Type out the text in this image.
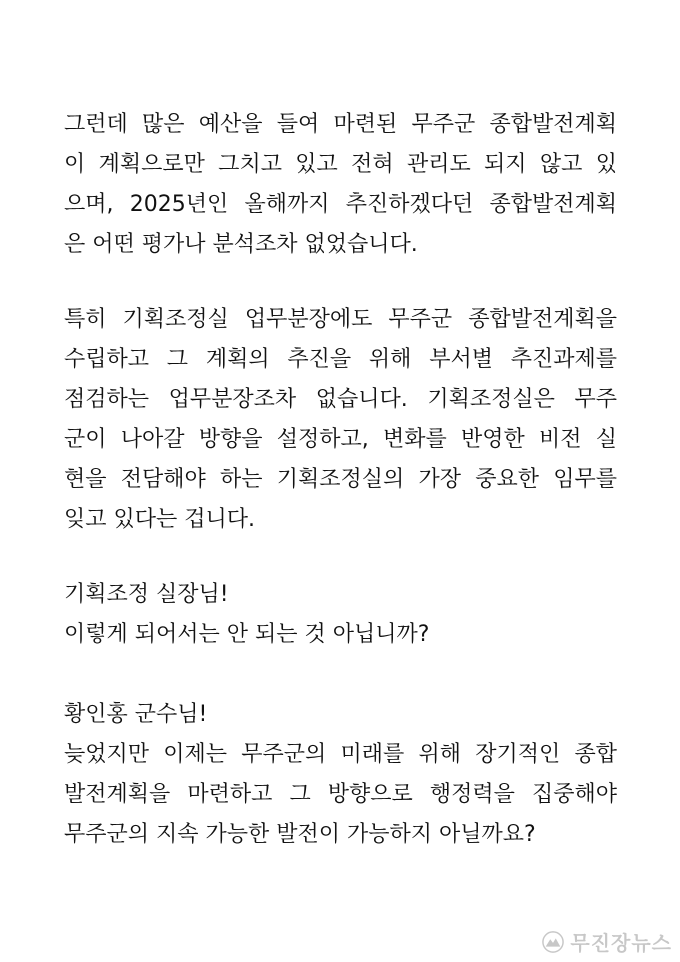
그런데 많은 예산을 들여 마련된 무주군 종합발전계획
이 계획으로만 그치고 있고 전혀 관리도 되지 않고 있
으며, 2025년인 올해까지 추진하겠다던 종합발전계획
은 어떤 평가나 분석조차 없었습니다.
특히 기획조정실 업무분장에도 무주군 종합발전계획을
수립하고 그 계획의 추진을 위해 부서별 추진과제를
점검하는 업무분장조차 없습니다. 기획조정실은 무주
군이 나아갈 방향을 설정하고, 변화를 반영한 비전 실
현을 전담해야 하는 기획조정실의 가장 중요한 임무를
잊고 있다는 겁니다.
기획조정 실장님!
이렇게 되어서는 안 되는 것 아닙니까?
황인홍 군수님!
늦었지만 이제는 무주군의 미래를 위해 장기적인 종합
발전계획을 마련하고 그 방향으로 행정력을 집중해야
무주군의 지속 가능한 발전이 가능하지 아닐까요?
무진장뉴스
